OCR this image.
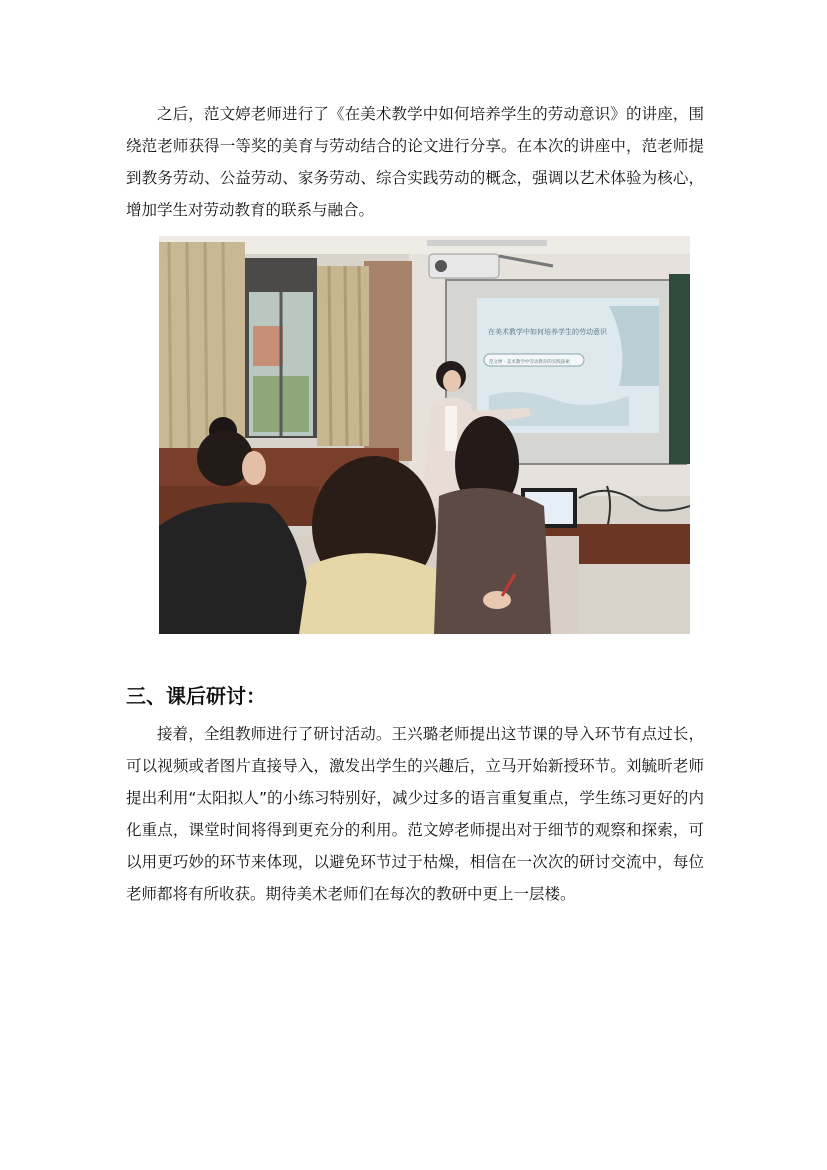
之后，范文婷老师进行了《在美术教学中如何培养学生的劳动意识》的讲座，围绕范老师获得一等奖的美育与劳动结合的论文进行分享。在本次的讲座中，范老师提到教务劳动、公益劳动、家务劳动、综合实践劳动的概念，强调以艺术体验为核心，增加学生对劳动教育的联系与融合。

在美术教学中如何培养学生的劳动意识
范文婷 · 美术教学中劳动教育的实践探索
三、课后研讨：

接着，全组教师进行了研讨活动。王兴璐老师提出这节课的导入环节有点过长，可以视频或者图片直接导入，激发出学生的兴趣后，立马开始新授环节。刘毓昕老师提出利用“太阳拟人”的小练习特别好，减少过多的语言重复重点，学生练习更好的内化重点，课堂时间将得到更充分的利用。范文婷老师提出对于细节的观察和探索，可以用更巧妙的环节来体现，以避免环节过于枯燥，相信在一次次的研讨交流中，每位老师都将有所收获。期待美术老师们在每次的教研中更上一层楼。
